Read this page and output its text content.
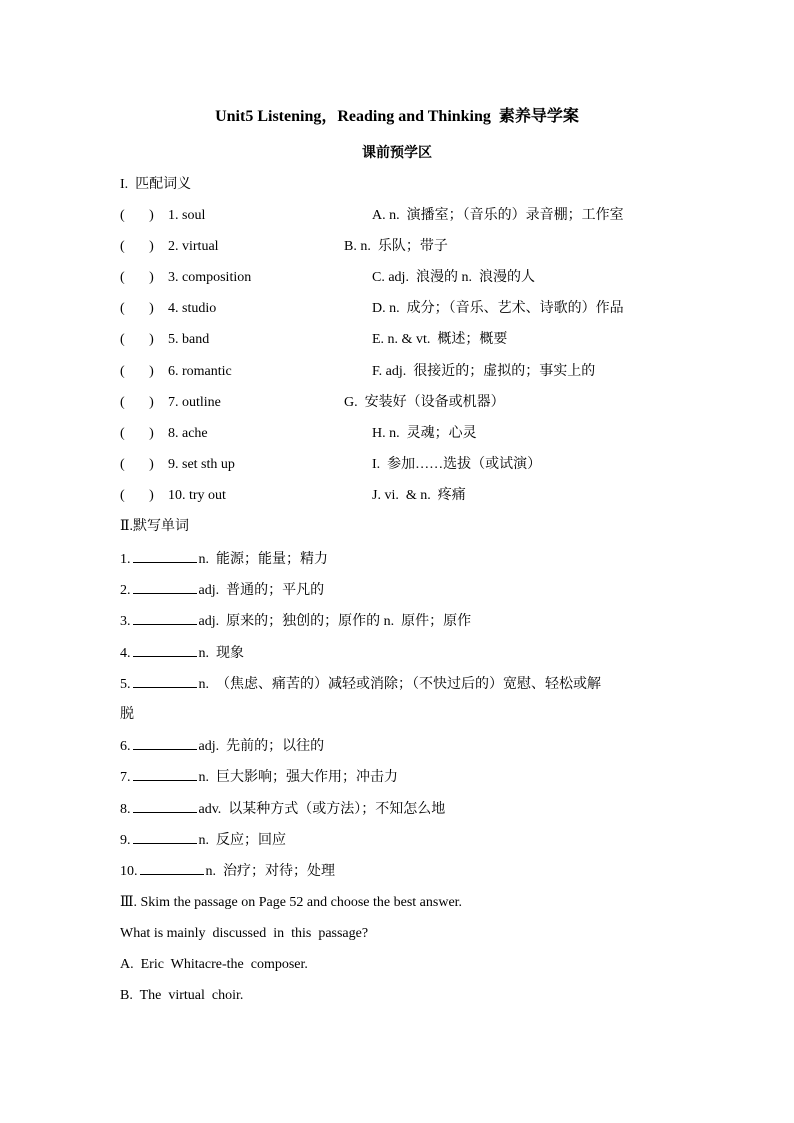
Unit5 Listening，Reading and Thinking  素养导学案
课前预学区
I.  匹配词义
(       ) 1. soul	A. n.  演播室；（音乐的）录音棚；工作室
(       ) 2. virtual	B. n.  乐队；带子
(       ) 3. composition	C. adj.  浪漫的 n.  浪漫的人
(       ) 4. studio	D. n.  成分；（音乐、艺术、诗歌的）作品
(       ) 5. band	E. n. & vt.  概述；概要
(       ) 6. romantic	F. adj.  很接近的；虚拟的；事实上的
(       ) 7. outline	G.  安装好（设备或机器）
(       ) 8. ache	H. n.  灵魂；心灵
(       ) 9. set sth up	I.  参加……选拔（或试演）
(       ) 10. try out	J. vi.  & n.  疼痛
Ⅱ.默写单词
1.	n.  能源；能量；精力
2.	adj.  普通的；平凡的
3.	adj.  原来的；独创的；原作的 n.  原件；原作
4.	n.  现象
5.	n.  （焦虑、痛苦的）减轻或消除；（不快过后的）宽慰、轻松或解
脱
6.	adj.  先前的；以往的
7.	n.  巨大影响；强大作用；冲击力
8.	adv.  以某种方式（或方法）；不知怎么地
9.	n.  反应；回应
10.	n.  治疗；对待；处理
Ⅲ. Skim the passage on Page 52 and choose the best answer.
What is mainly  discussed  in  this  passage?
A.  Eric  Whitacre-the  composer.
B.  The  virtual  choir.
